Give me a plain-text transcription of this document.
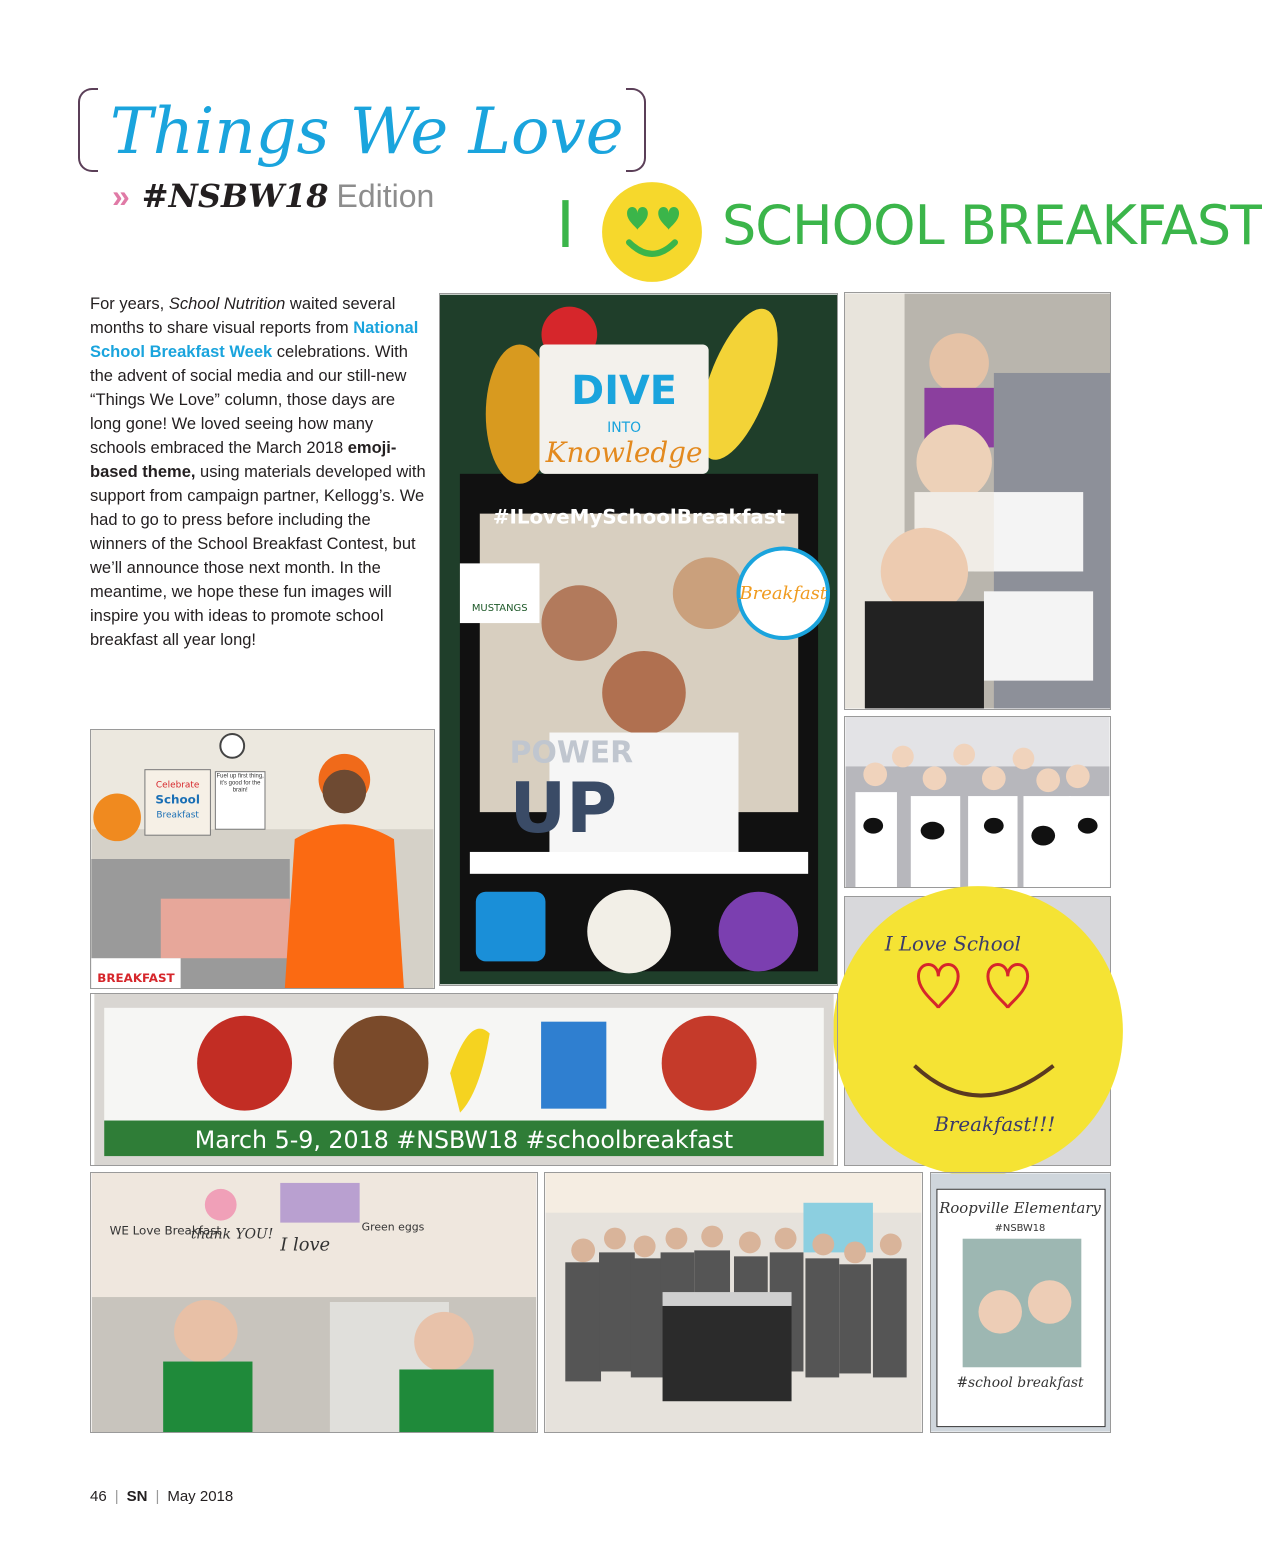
Things We Love
» #NSBW18 Edition I	SCHOOL BREAKFAST

For years, School Nutrition waited several months to share visual reports from National School Breakfast Week celebrations. With the advent of social media and our still-new “Things We Love” column, those days are long gone! We loved seeing how many schools embraced the March 2018 emoji-based theme, using materials developed with support from campaign partner, Kellogg’s. We had to go to press before including the winners of the School Breakfast Contest, but we’ll announce those next month. In the meantime, we hope these fun images will inspire you with ideas to promote school breakfast all year long!

DIVE
INTO
Knowledge
#ILoveMySchoolBreakfast
Breakfast
MUSTANGS
POWER
UP
Celebrate
School
Breakfast
Fuel up first thing, it's good for the brain!
BREAKFAST
I Love School
Breakfast!!!
March 5-9, 2018 #NSBW18 #schoolbreakfast
WE Love Breakfast
thank YOU! I love
Green eggs
Roopville Elementary
#NSBW18
#school breakfast
46 | SN | May 2018
